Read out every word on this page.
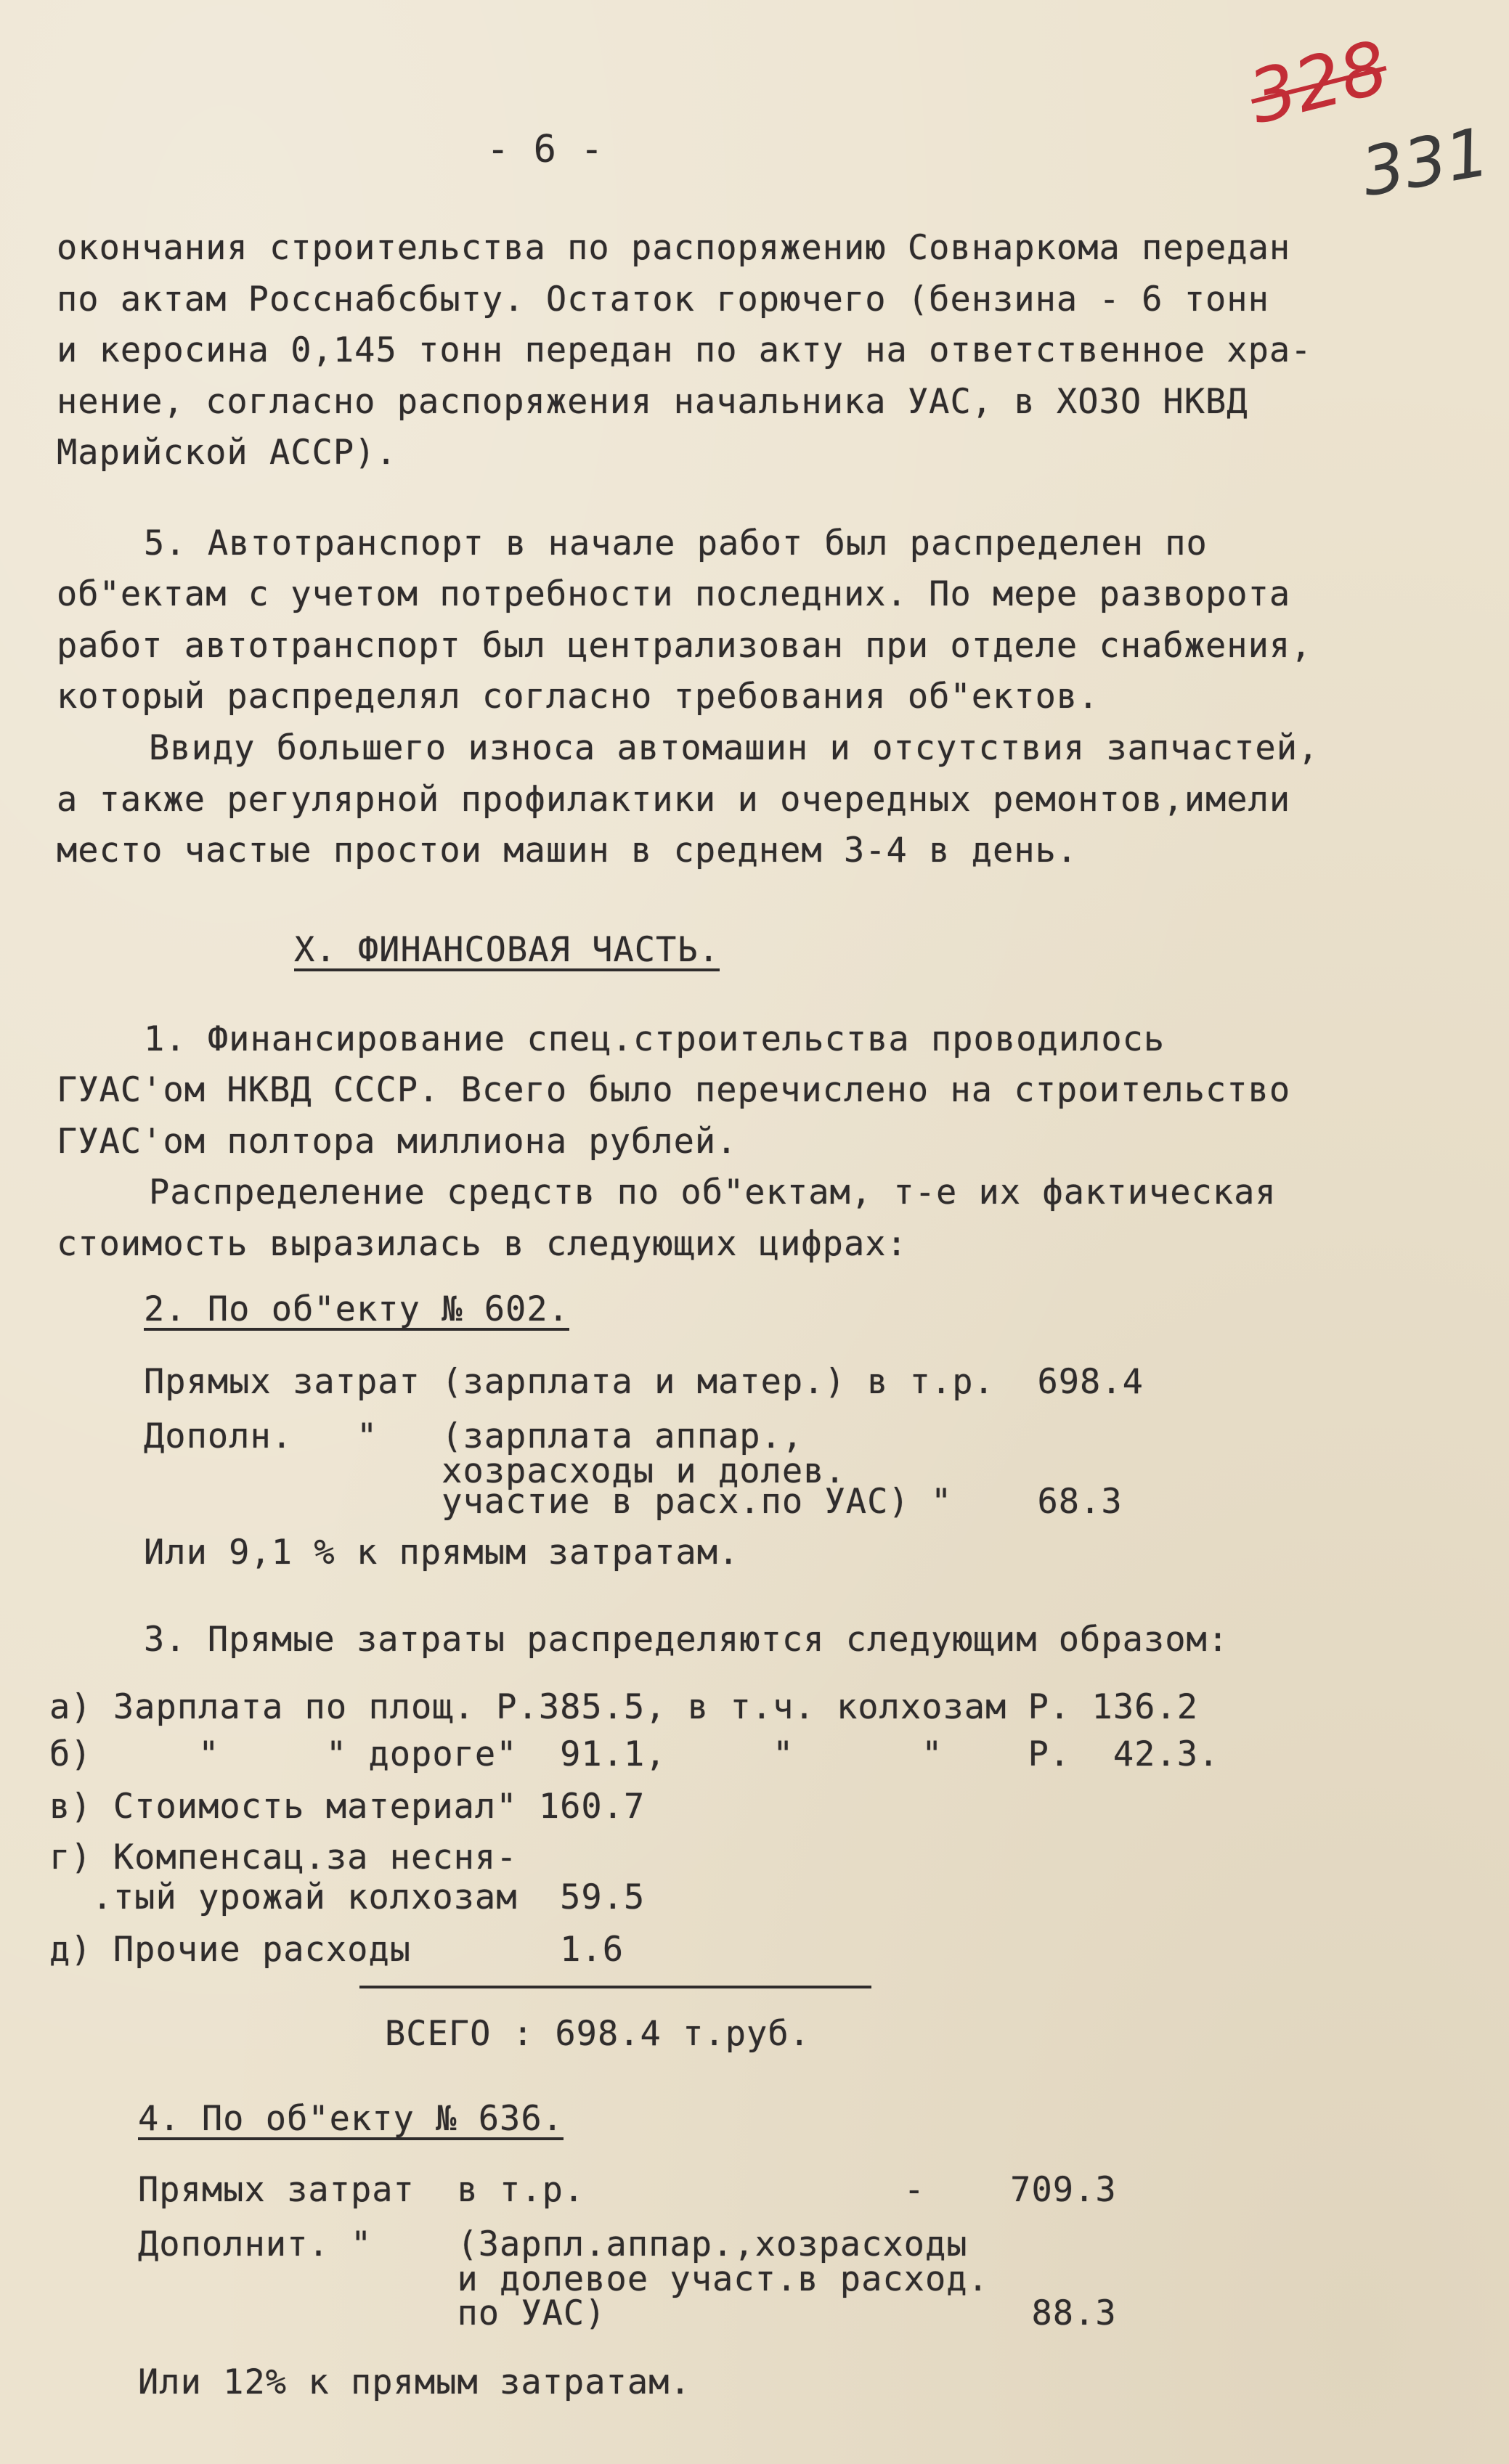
- 6 -
328
331
окончания строительства по распоряжению Совнаркома передан
по актам Росснабсбыту. Остаток горючего (бензина - 6 тонн
и керосина 0,145 тонн передан по акту на ответственное хра-
нение, согласно распоряжения начальника УАС, в ХОЗО НКВД
Марийской АССР).
5. Автотранспорт в начале работ был распределен по
об"ектам с учетом потребности последних. По мере разворота
работ автотранспорт был централизован при отделе снабжения,
который распределял согласно требования об"ектов.
Ввиду большего износа автомашин и отсутствия запчастей,
а также регулярной профилактики и очередных ремонтов,имели
место частые простои машин в среднем 3-4 в день.
X. ФИНАНСОВАЯ ЧАСТЬ.
1. Финансирование спец.строительства проводилось
ГУАС'ом НКВД СССР. Всего было перечислено на строительство
ГУАС'ом полтора миллиона рублей.
Распределение средств по об"ектам, т-е их фактическая
стоимость выразилась в следующих цифрах:
2. По об"екту № 602.
Прямых затрат (зарплата и матер.) в т.р.  698.4
Дополн.   "   (зарплата аппар.,
хозрасходы и долев.
участие в расх.по УАС) "    68.3
Или 9,1 % к прямым затратам.
3. Прямые затраты распределяются следующим образом:
а) Зарплата по площ. Р.385.5, в т.ч. колхозам Р. 136.2
б)     "     " дороге"  91.1,     "      "    Р.  42.3.
в) Стоимость материал" 160.7
г) Компенсац.за несня-
.тый урожай колхозам  59.5
д) Прочие расходы       1.6
ВСЕГО : 698.4 т.руб.
4. По об"екту № 636.
Прямых затрат  в т.р.               -    709.3
Дополнит. "    (Зарпл.аппар.,хозрасходы
и долевое участ.в расход.
по УАС)                    88.3
Или 12% к прямым затратам.
